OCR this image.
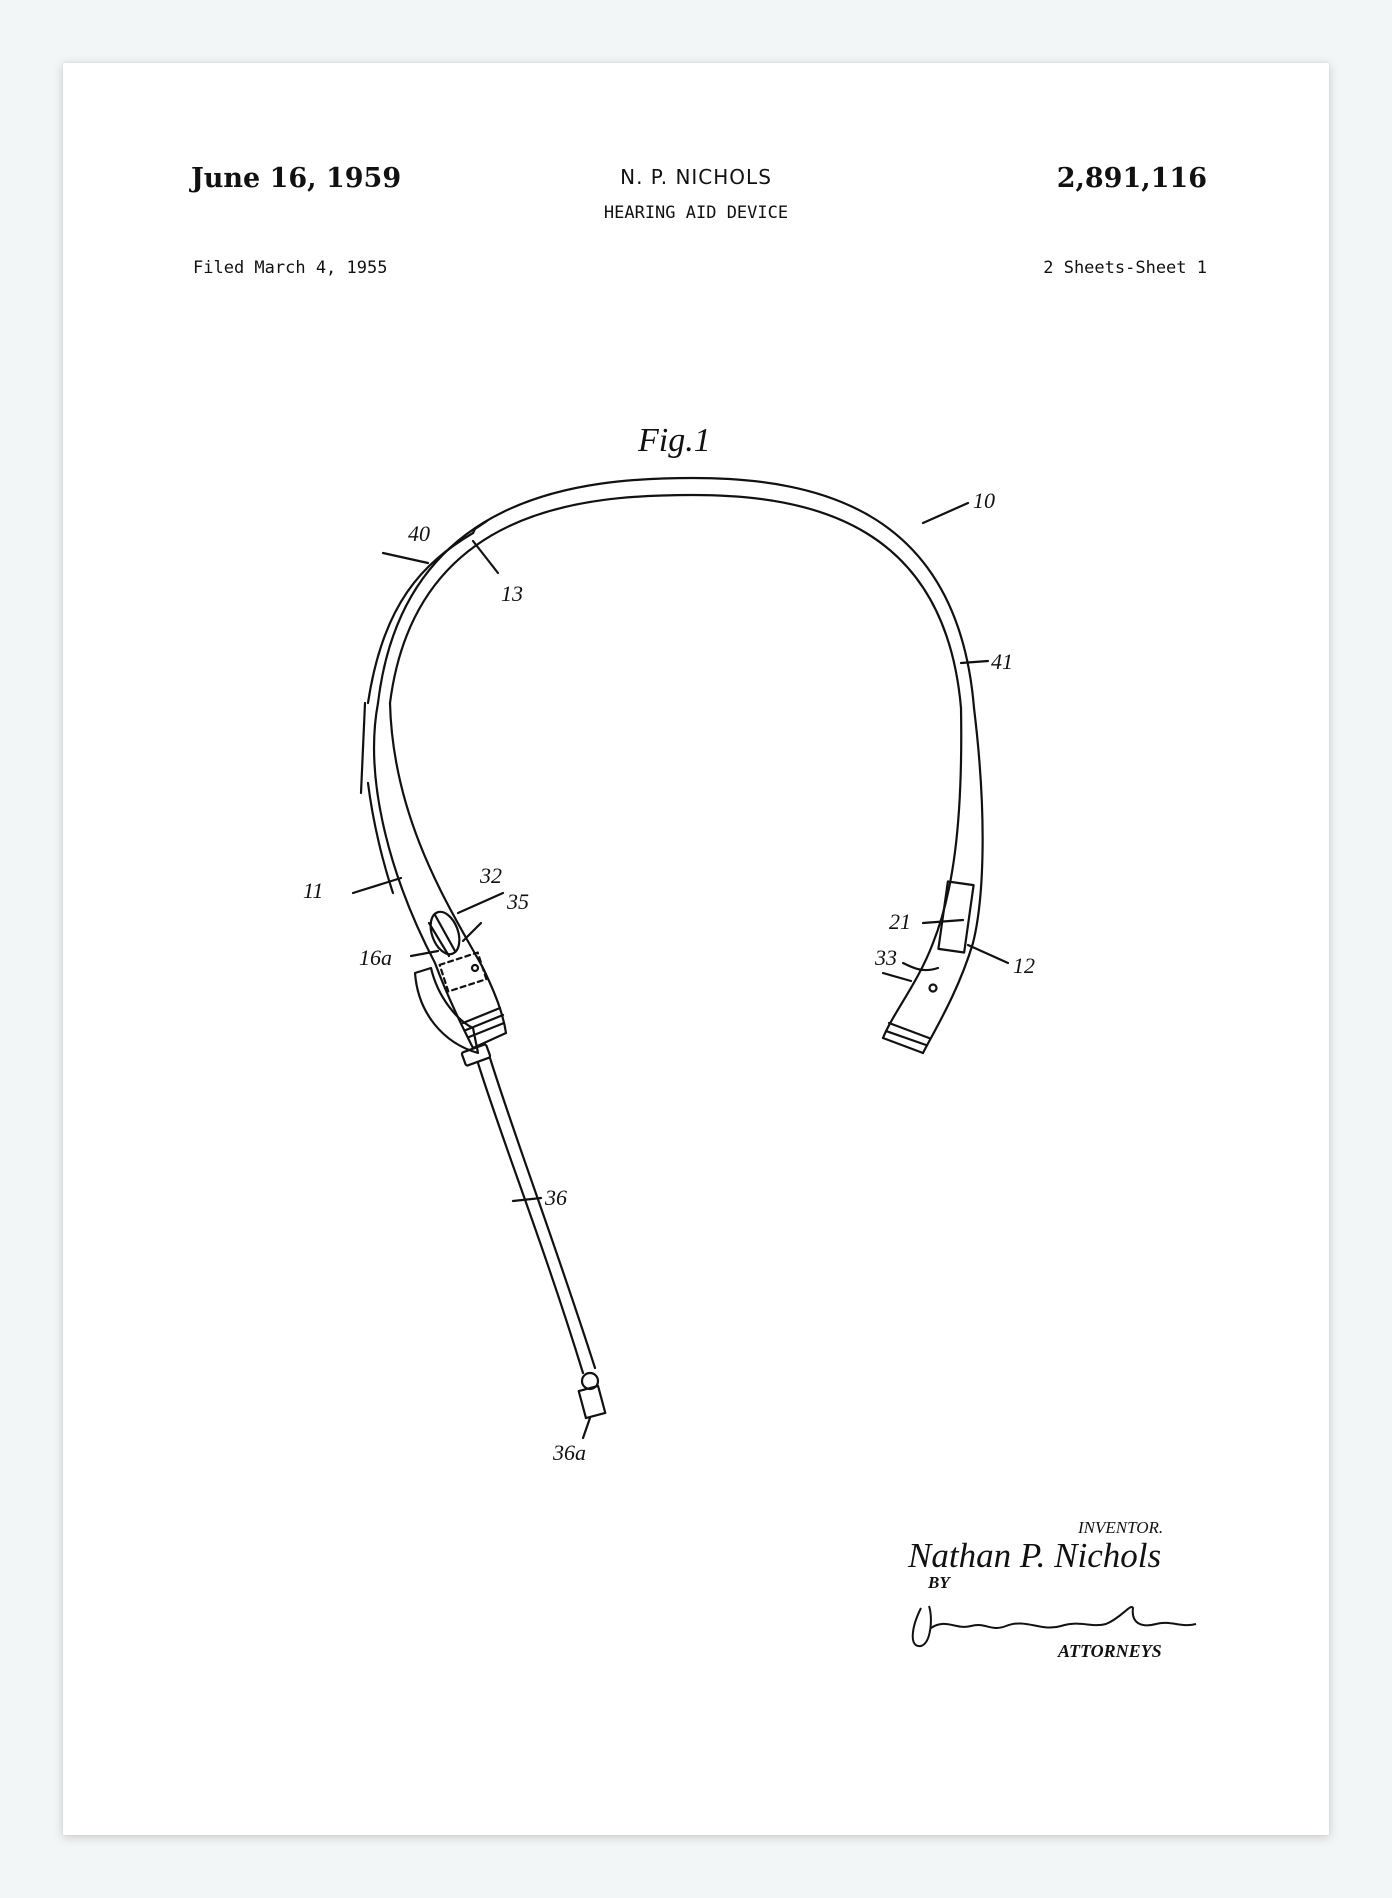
June 16, 1959	N. P. NICHOLS
HEARING AID DEVICE
2,891,116
Filed March 4, 1955	2 Sheets-Sheet 1
Fig.1
10
40
13
41
11
32
35
16a
21
12
33
36
36a
INVENTOR.
Nathan P. Nichols
BY
ATTORNEYS
